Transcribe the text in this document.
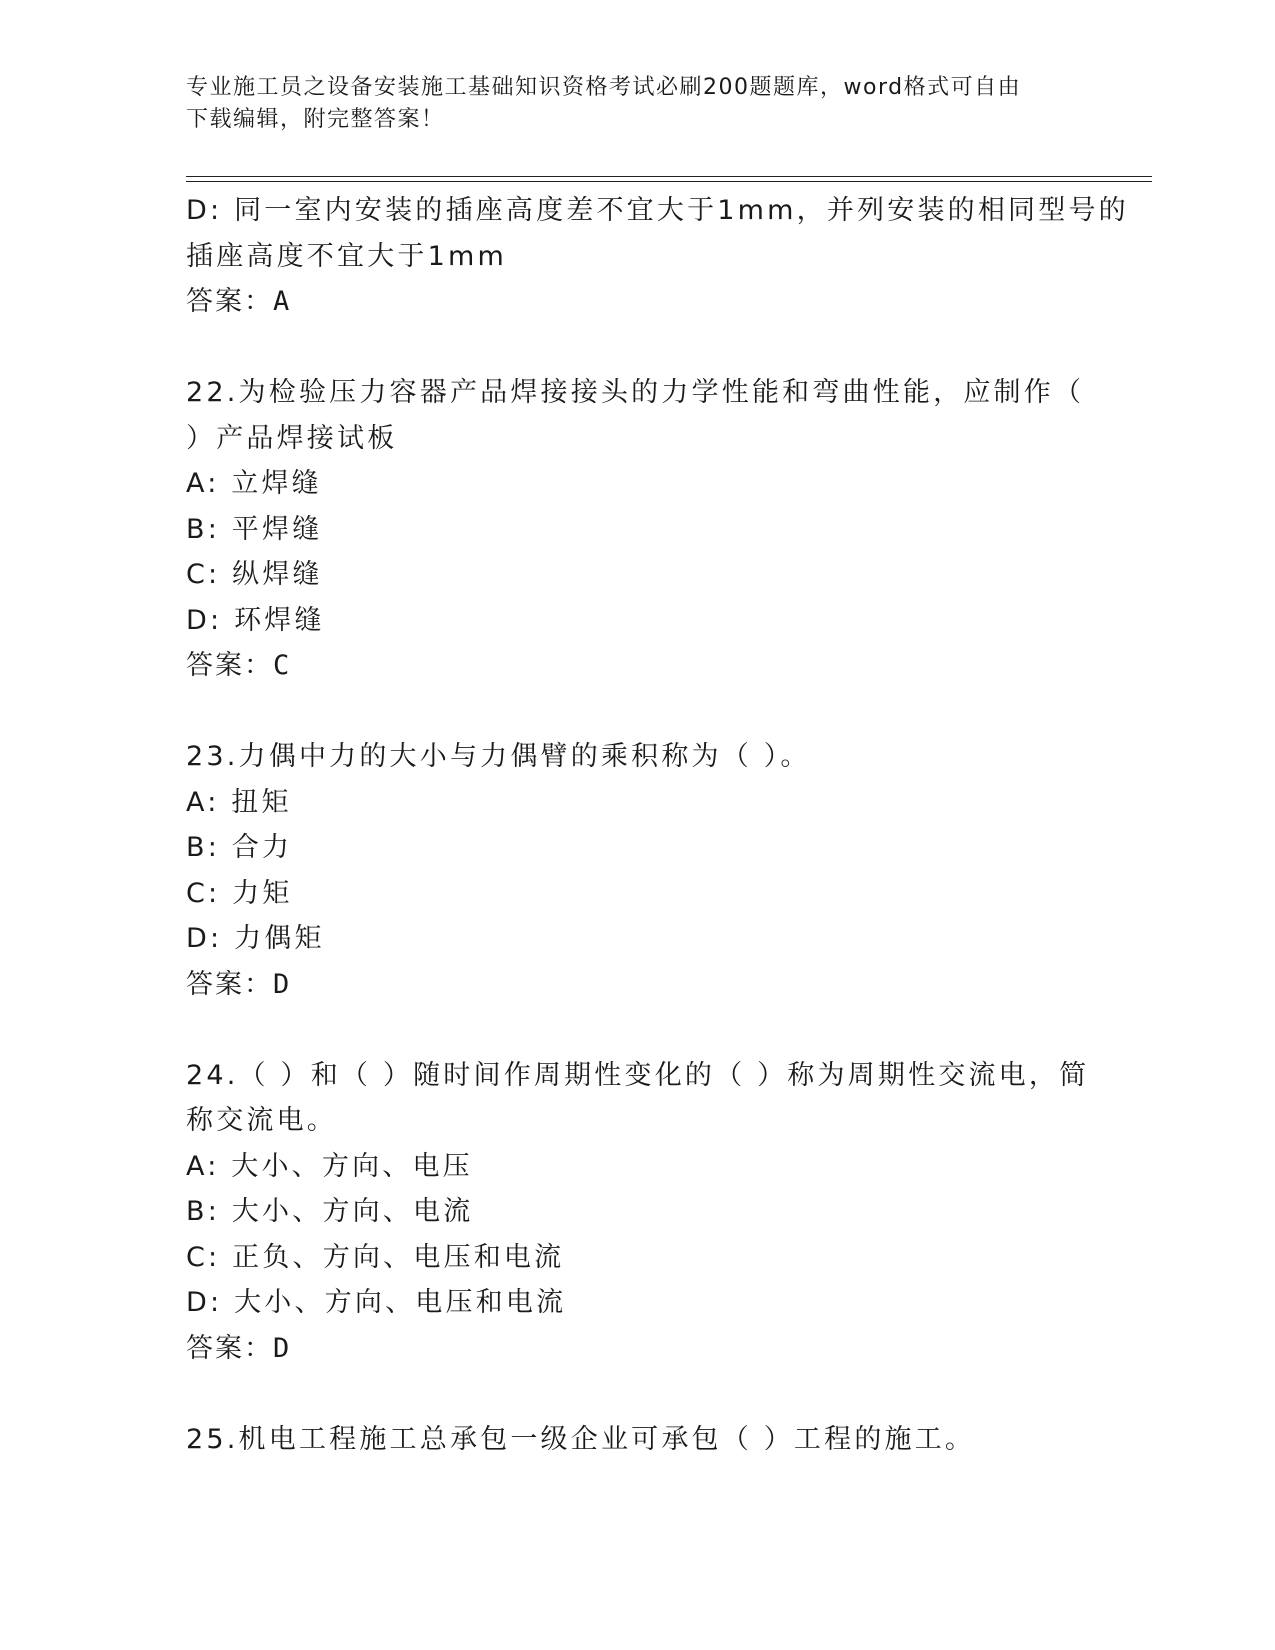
专业施工员之设备安装施工基础知识资格考试必刷200题题库，word格式可自由
下载编辑，附完整答案！
D: 同一室内安装的插座高度差不宜大于1mm，并列安装的相同型号的
插座高度不宜大于1mm
答案：A
22.为检验压力容器产品焊接接头的力学性能和弯曲性能，应制作（
）产品焊接试板
A: 立焊缝
B: 平焊缝
C: 纵焊缝
D: 环焊缝
答案：C
23.力偶中力的大小与力偶臂的乘积称为（ ）。
A: 扭矩
B: 合力
C: 力矩
D: 力偶矩
答案：D
24.（ ）和（ ）随时间作周期性变化的（ ）称为周期性交流电，简
称交流电。
A: 大小、方向、电压
B: 大小、方向、电流
C: 正负、方向、电压和电流
D: 大小、方向、电压和电流
答案：D
25.机电工程施工总承包一级企业可承包（ ）工程的施工。
